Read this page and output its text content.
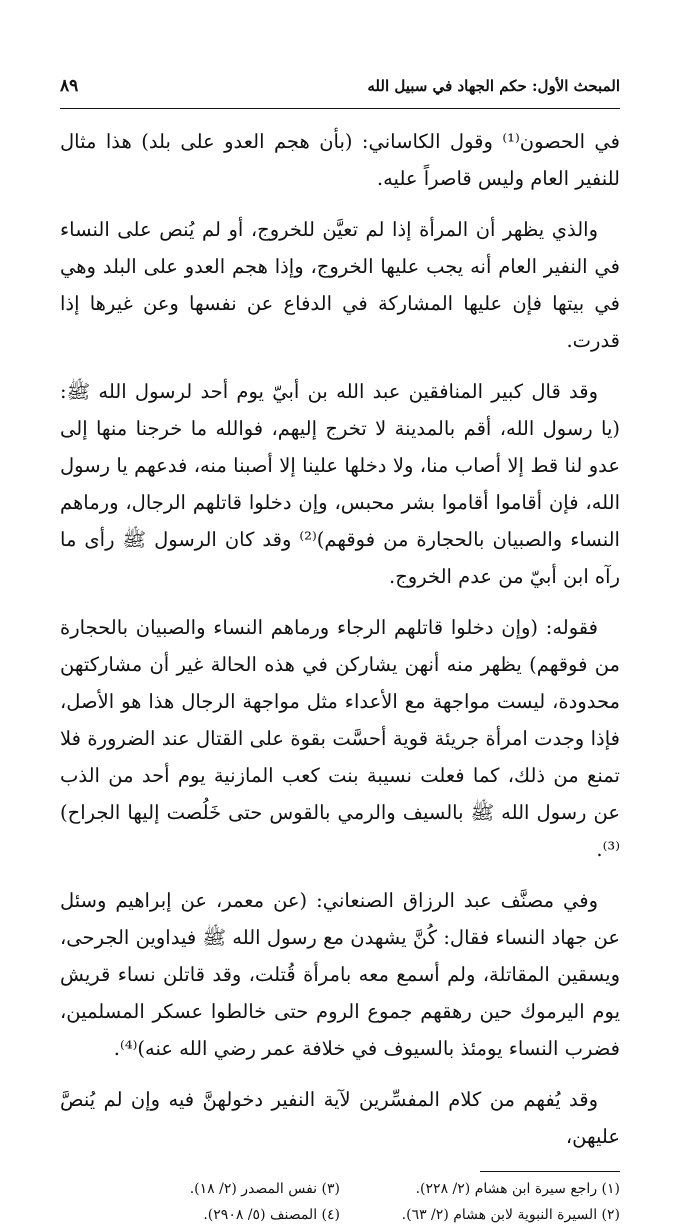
المبحث الأول: حكم الجهاد في سبيل الله
٨٩

في الحصون⁽¹⁾ وقول الكاساني: (بأن هجم العدو على بلد) هذا مثال للنفير العام وليس قاصراً عليه.

والذي يظهر أن المرأة إذا لم تعيَّن للخروج، أو لم يُنص على النساء في النفير العام أنه يجب عليها الخروج، وإذا هجم العدو على البلد وهي في بيتها فإن عليها المشاركة في الدفاع عن نفسها وعن غيرها إذا قدرت.

وقد قال كبير المنافقين عبد الله بن أبيّ يوم أحد لرسول الله ﷺ: (يا رسول الله، أقم بالمدينة لا تخرج إليهم، فوالله ما خرجنا منها إلى عدو لنا قط إلا أصاب منا، ولا دخلها علينا إلا أصبنا منه، فدعهم يا رسول الله، فإن أقاموا أقاموا بشر محبس، وإن دخلوا قاتلهم الرجال، ورماهم النساء والصبيان بالحجارة من فوقهم)⁽²⁾ وقد كان الرسول ﷺ رأى ما رآه ابن أبيّ من عدم الخروج.

فقوله: (وإن دخلوا قاتلهم الرجاء ورماهم النساء والصبيان بالحجارة من فوقهم) يظهر منه أنهن يشاركن في هذه الحالة غير أن مشاركتهن محدودة، ليست مواجهة مع الأعداء مثل مواجهة الرجال هذا هو الأصل، فإذا وجدت امرأة جريئة قوية أحسَّت بقوة على القتال عند الضرورة فلا تمنع من ذلك، كما فعلت نسيبة بنت كعب المازنية يوم أحد من الذب عن رسول الله ﷺ بالسيف والرمي بالقوس حتى خَلُصت إليها الجراح)⁽³⁾.

وفي مصنَّف عبد الرزاق الصنعاني: (عن معمر، عن إبراهيم وسئل عن جهاد النساء فقال: كُنَّ يشهدن مع رسول الله ﷺ فيداوين الجرحى، ويسقين المقاتلة، ولم أسمع معه بامرأة قُتلت، وقد قاتلن نساء قريش يوم اليرموك حين رهقهم جموع الروم حتى خالطوا عسكر المسلمين، فضرب النساء يومئذ بالسيوف في خلافة عمر رضي الله عنه)⁽⁴⁾.

وقد يُفهم من كلام المفسِّرين لآية النفير دخولهنَّ فيه وإن لم يُنصَّ عليهن،

(١) راجع سيرة ابن هشام (٢/ ٢٢٨).
(٣) نفس المصدر (٢/ ١٨).
(٢) السيرة النبوية لابن هشام (٢/ ٦٣).
(٤) المصنف (٥/ ٢٩٠٨).
